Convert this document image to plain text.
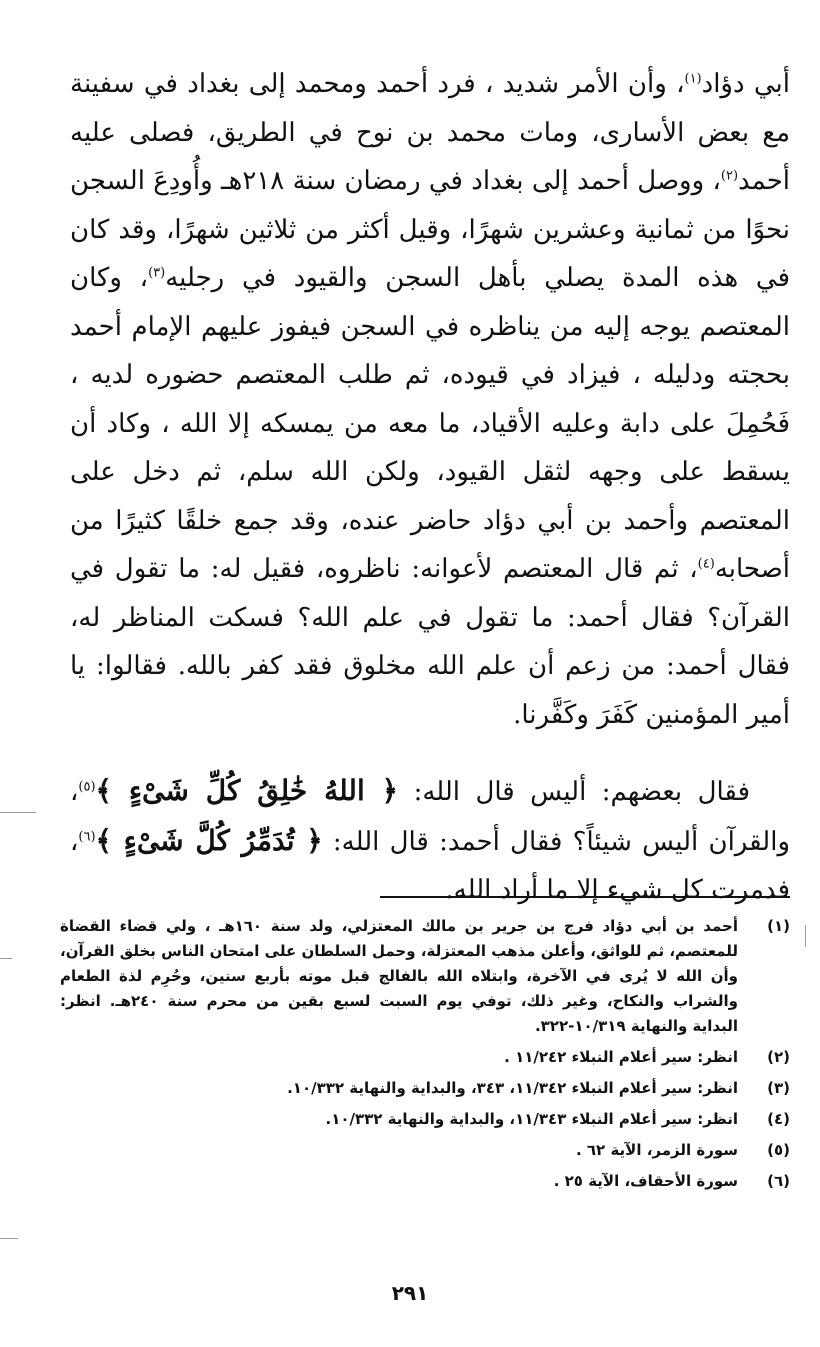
أبي دؤاد$^{(١)}$، وأن الأمر شديد ، فرد أحمد ومحمد إلى بغداد في سفينة مع بعض الأسارى، ومات محمد بن نوح في الطريق، فصلى عليه أحمد$^{(٢)}$، ووصل أحمد إلى بغداد في رمضان سنة ٢١٨هـ وأُودِعَ السجن نحوًا من ثمانية وعشرين شهرًا، وقيل أكثر من ثلاثين شهرًا، وقد كان في هذه المدة يصلي بأهل السجن والقيود في رجليه$^{(٣)}$، وكان المعتصم يوجه إليه من يناظره في السجن فيفوز عليهم الإمام أحمد بحجته ودليله ، فيزاد في قيوده، ثم طلب المعتصم حضوره لديه ، فَحُمِلَ على دابة وعليه الأقياد، ما معه من يمسكه إلا الله ، وكاد أن يسقط على وجهه لثقل القيود، ولكن الله سلم، ثم دخل على المعتصم وأحمد بن أبي دؤاد حاضر عنده، وقد جمع خلقًا كثيرًا من أصحابه$^{(٤)}$، ثم قال المعتصم لأعوانه: ناظروه، فقيل له: ما تقول في القرآن؟ فقال أحمد: ما تقول في علم الله؟ فسكت المناظر له، فقال أحمد: من زعم أن علم الله مخلوق فقد كفر بالله. فقالوا: يا أمير المؤمنين كَفَرَ وكَفَّرنا.

فقال بعضهم: أليس قال الله: ﴿ اللهُ خَٰلِقُ كُلِّ شَىْءٍ ﴾$^{(٥)}$، والقرآن أليس شيئاً؟ فقال أحمد: قال الله: ﴿ تُدَمِّرُ كُلَّ شَىْءٍ ﴾$^{(٦)}$، فدمرت كل شيء إلا ما أراد الله.

(١)
أحمد بن أبي دؤاد فرج بن جرير بن مالك المعتزلي، ولد سنة ١٦٠هـ ، ولي قضاء القضاة للمعتصم، ثم للواثق، وأعلن مذهب المعتزلة، وحمل السلطان على امتحان الناس بخلق القرآن، وأن الله لا يُرى في الآخرة، وابتلاه الله بالفالج قبل موته بأربع سنين، وحُرِم لذة الطعام والشراب والنكاح، وغير ذلك، توفي يوم السبت لسبع بقين من محرم سنة ٢٤٠هـ. انظر: البداية والنهاية ١٠/٣١٩-٣٢٢.
(٢)
انظر: سير أعلام النبلاء ١١/٢٤٢ .
(٣)
انظر: سير أعلام النبلاء ١١/٣٤٢، ٣٤٣، والبداية والنهاية ١٠/٣٣٢.
(٤)
انظر: سير أعلام النبلاء ١١/٣٤٣، والبداية والنهاية ١٠/٣٣٢.
(٥)
سورة الزمر، الآية ٦٢ .
(٦)
سورة الأحقاف، الآية ٢٥ .
٢٩١
